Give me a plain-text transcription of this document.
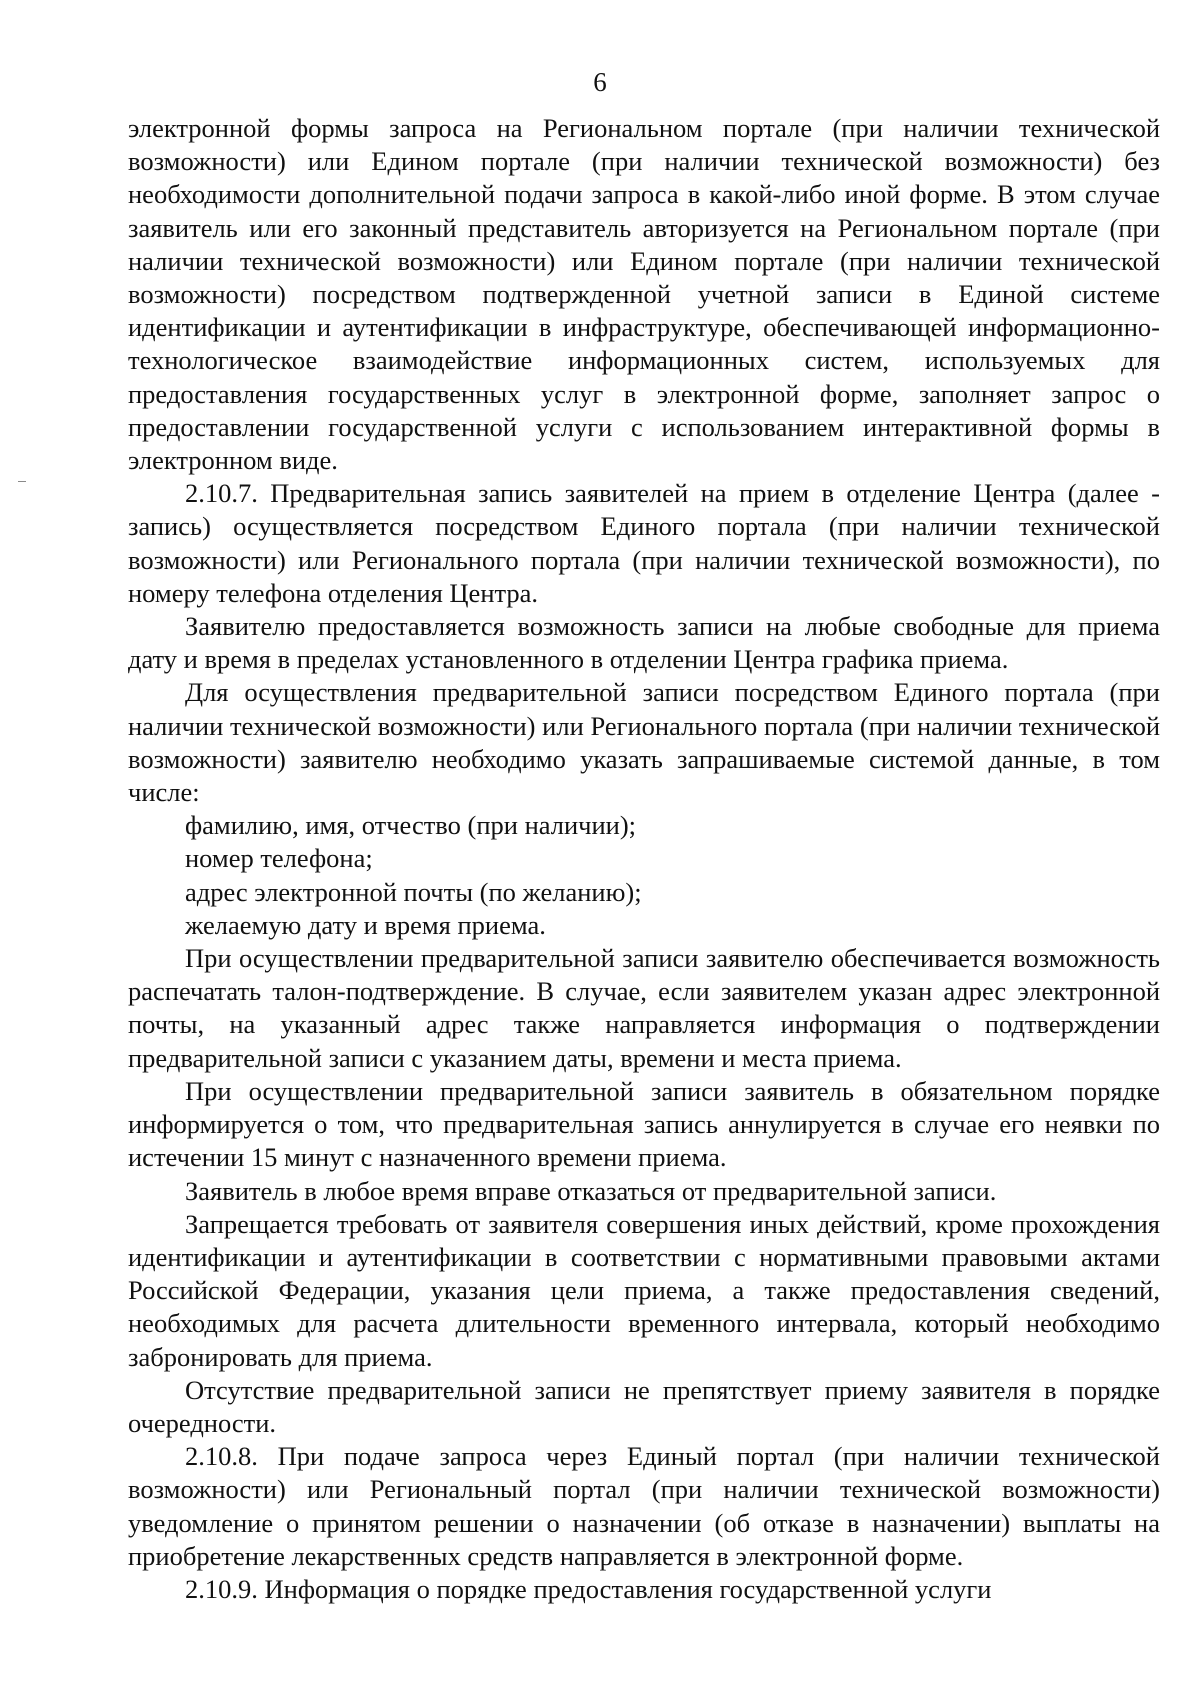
6

электронной формы запроса на Региональном портале (при наличии технической возможности) или Едином портале (при наличии технической возможности) без необходимости дополнительной подачи запроса в какой-либо иной форме. В этом случае заявитель или его законный представитель авторизуется на Региональном портале (при наличии технической возможности) или Едином портале (при наличии технической возможности) посредством подтвержденной учетной записи в Единой системе идентификации и аутентификации в инфраструктуре, обеспечивающей информационно-технологическое взаимодействие информационных систем, используемых для предоставления государственных услуг в электронной форме, заполняет запрос о предоставлении государственной услуги с использованием интерактивной формы в электронном виде.

2.10.7. Предварительная запись заявителей на прием в отделение Центра (далее - запись) осуществляется посредством Единого портала (при наличии технической возможности) или Регионального портала (при наличии технической возможности), по номеру телефона отделения Центра.

Заявителю предоставляется возможность записи на любые свободные для приема дату и время в пределах установленного в отделении Центра графика приема.

Для осуществления предварительной записи посредством Единого портала (при наличии технической возможности) или Регионального портала (при наличии технической возможности) заявителю необходимо указать запрашиваемые системой данные, в том числе:

фамилию, имя, отчество (при наличии);

номер телефона;

адрес электронной почты (по желанию);

желаемую дату и время приема.

При осуществлении предварительной записи заявителю обеспечивается возможность распечатать талон-подтверждение. В случае, если заявителем указан адрес электронной почты, на указанный адрес также направляется информация о подтверждении предварительной записи с указанием даты, времени и места приема.

При осуществлении предварительной записи заявитель в обязательном порядке информируется о том, что предварительная запись аннулируется в случае его неявки по истечении 15 минут с назначенного времени приема.

Заявитель в любое время вправе отказаться от предварительной записи.

Запрещается требовать от заявителя совершения иных действий, кроме прохождения идентификации и аутентификации в соответствии с нормативными правовыми актами Российской Федерации, указания цели приема, а также предоставления сведений, необходимых для расчета длительности временного интервала, который необходимо забронировать для приема.

Отсутствие предварительной записи не препятствует приему заявителя в порядке очередности.

2.10.8. При подаче запроса через Единый портал (при наличии технической возможности) или Региональный портал (при наличии технической возможности) уведомление о принятом решении о назначении (об отказе в назначении) выплаты на приобретение лекарственных средств направляется в электронной форме.

2.10.9. Информация о порядке предоставления государственной услуги
